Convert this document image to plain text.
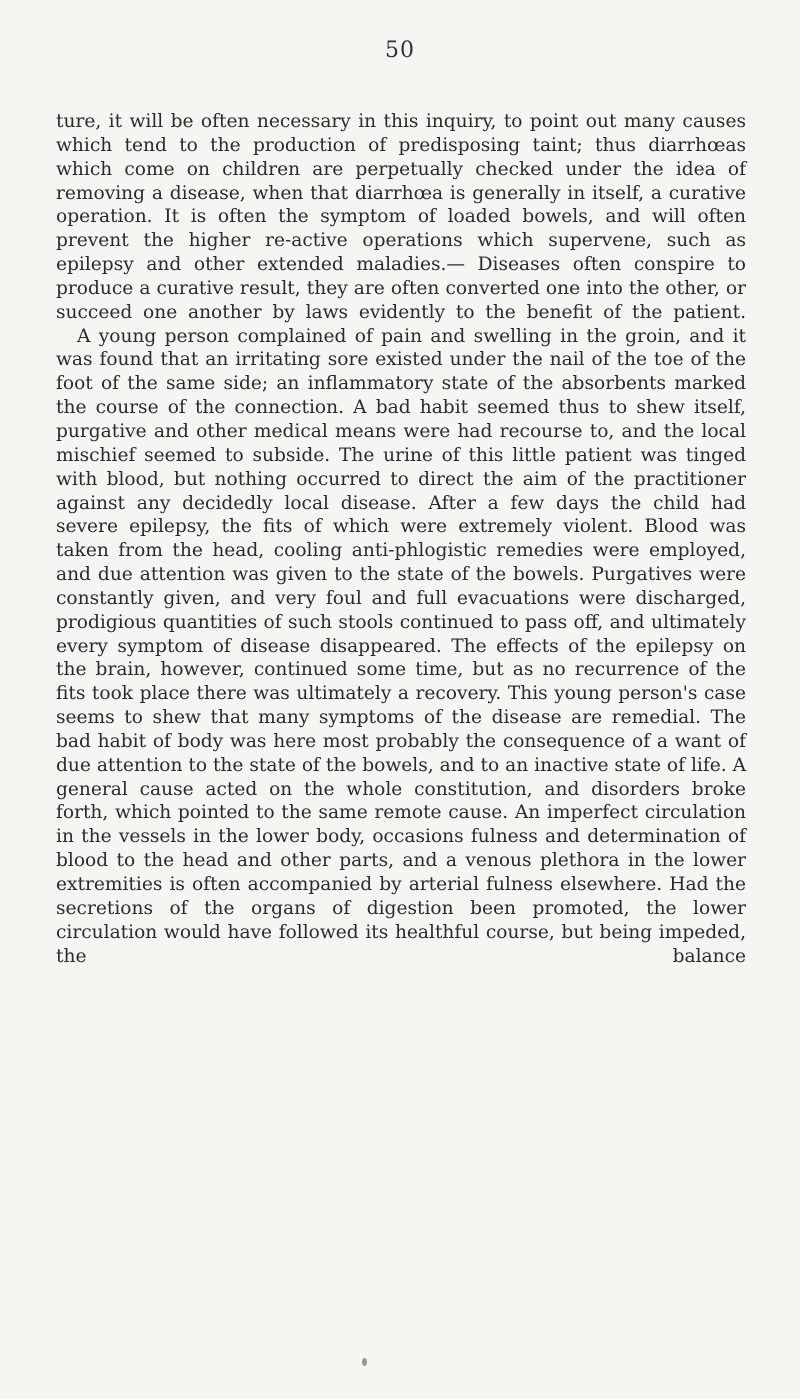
50

ture, it will be often necessary in this inquiry, to point out many causes which tend to the production of predisposing taint; thus diarrhœas which come on children are perpetually checked under the idea of removing a disease, when that diarrhœa is generally in itself, a curative operation. It is often the symptom of loaded bowels, and will often prevent the higher re-active operations which supervene, such as epilepsy and other extended maladies.— Diseases often conspire to produce a curative result, they are often converted one into the other, or succeed one another by laws evidently to the benefit of the patient.

A young person complained of pain and swelling in the groin, and it was found that an irritating sore existed under the nail of the toe of the foot of the same side; an inflammatory state of the absorbents marked the course of the connection. A bad habit seemed thus to shew itself, purgative and other medical means were had recourse to, and the local mischief seemed to subside. The urine of this little patient was tinged with blood, but nothing occurred to direct the aim of the practitioner against any decidedly local disease. After a few days the child had severe epilepsy, the fits of which were extremely violent. Blood was taken from the head, cooling anti-phlogistic remedies were employed, and due attention was given to the state of the bowels. Purgatives were constantly given, and very foul and full evacuations were discharged, prodigious quantities of such stools continued to pass off, and ultimately every symptom of disease disappeared. The effects of the epilepsy on the brain, however, continued some time, but as no recurrence of the fits took place there was ultimately a recovery. This young person's case seems to shew that many symptoms of the disease are remedial. The bad habit of body was here most probably the consequence of a want of due attention to the state of the bowels, and to an inactive state of life. A general cause acted on the whole constitution, and disorders broke forth, which pointed to the same remote cause. An imperfect circulation in the vessels in the lower body, occasions fulness and determination of blood to the head and other parts, and a venous plethora in the lower extremities is often accompanied by arterial fulness elsewhere. Had the secretions of the organs of digestion been promoted, the lower circulation would have followed its healthful course, but being impeded, the balance
